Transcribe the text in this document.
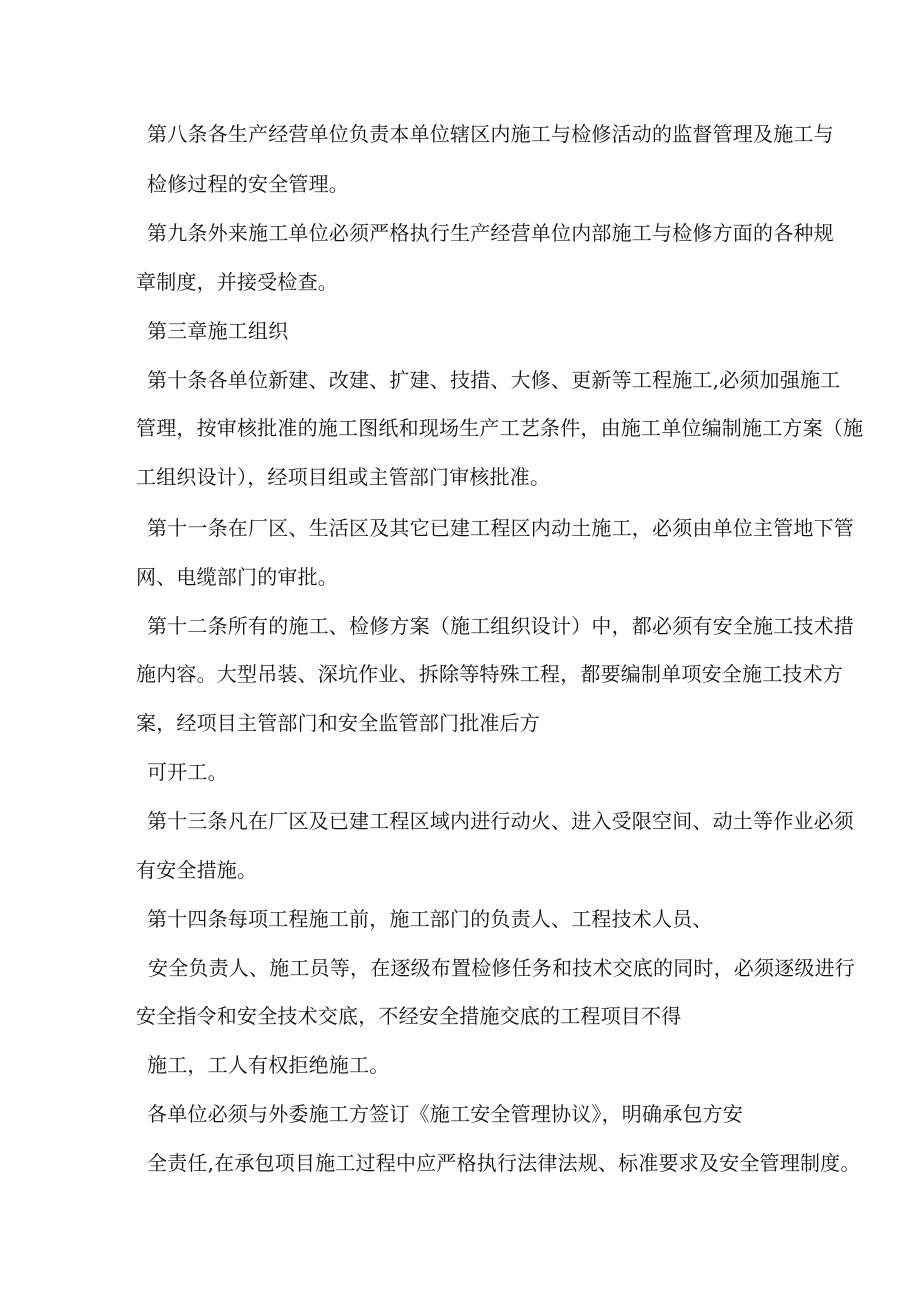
第八条各生产经营单位负责本单位辖区内施工与检修活动的监督管理及施工与
检修过程的安全管理。
第九条外来施工单位必须严格执行生产经营单位内部施工与检修方面的各种规
章制度，并接受检查。
第三章施工组织
第十条各单位新建、改建、扩建、技措、大修、更新等工程施工,必须加强施工
管理，按审核批准的施工图纸和现场生产工艺条件，由施工单位编制施工方案（施
工组织设计），经项目组或主管部门审核批准。
第十一条在厂区、生活区及其它已建工程区内动土施工，必须由单位主管地下管
网、电缆部门的审批。
第十二条所有的施工、检修方案（施工组织设计）中，都必须有安全施工技术措
施内容。大型吊装、深坑作业、拆除等特殊工程，都要编制单项安全施工技术方
案，经项目主管部门和安全监管部门批准后方
可开工。
第十三条凡在厂区及已建工程区域内进行动火、进入受限空间、动土等作业必须
有安全措施。
第十四条每项工程施工前，施工部门的负责人、工程技术人员、
安全负责人、施工员等，在逐级布置检修任务和技术交底的同时，必须逐级进行
安全指令和安全技术交底，不经安全措施交底的工程项目不得
施工，工人有权拒绝施工。
各单位必须与外委施工方签订《施工安全管理协议》，明确承包方安
全责任,在承包项目施工过程中应严格执行法律法规、标准要求及安全管理制度。
